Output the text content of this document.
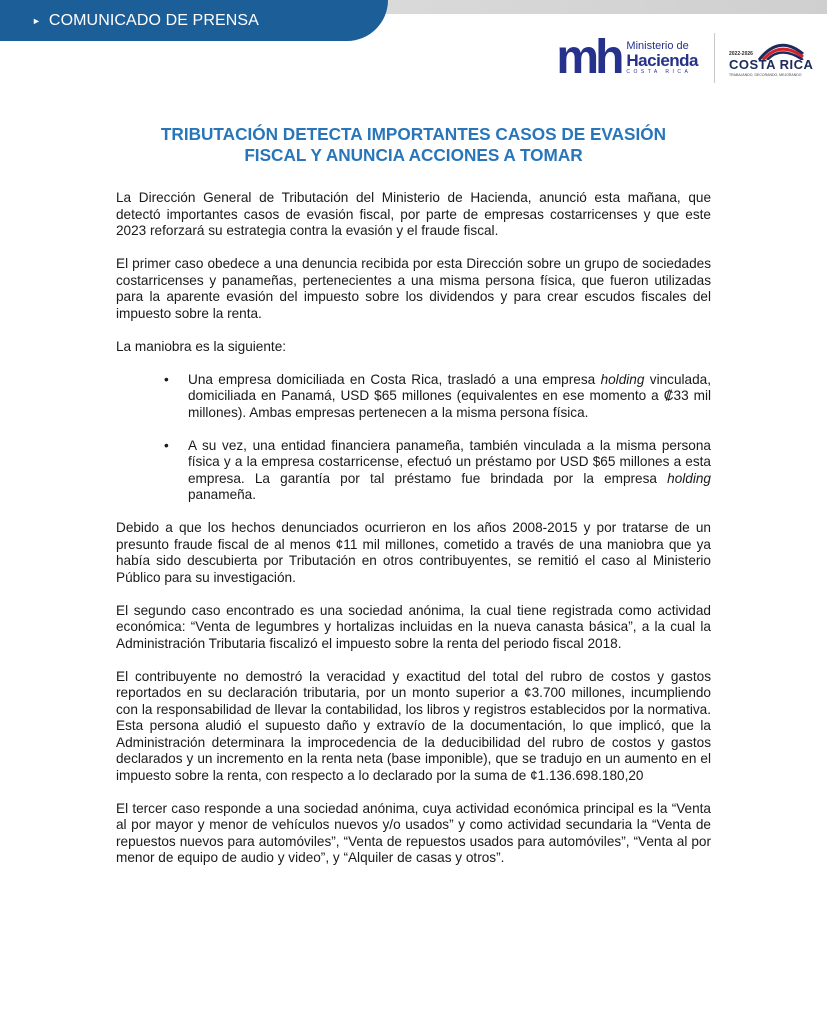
► COMUNICADO DE PRENSA
mh Ministerio de
Hacienda
COSTA RICA
2022-2026
COSTA RICA
TRABAJANDO, DECORANDO, MEJORANDO
TRIBUTACIÓN DETECTA IMPORTANTES CASOS DE EVASIÓN
FISCAL Y ANUNCIA ACCIONES A TOMAR

La Dirección General de Tributación del Ministerio de Hacienda, anunció esta mañana, que detectó importantes casos de evasión fiscal, por parte de empresas costarricenses y que este 2023 reforzará su estrategia contra la evasión y el fraude fiscal.

El primer caso obedece a una denuncia recibida por esta Dirección sobre un grupo de sociedades costarricenses y panameñas, pertenecientes a una misma persona física, que fueron utilizadas para la aparente evasión del impuesto sobre los dividendos y para crear escudos fiscales del impuesto sobre la renta.

La maniobra es la siguiente:

• Una empresa domiciliada en Costa Rica, trasladó a una empresa holding vinculada, domiciliada en Panamá, USD $65 millones (equivalentes en ese momento a ₡33 mil millones). Ambas empresas pertenecen a la misma persona física.
• A su vez, una entidad financiera panameña, también vinculada a la misma persona física y a la empresa costarricense, efectuó un préstamo por USD $65 millones a esta empresa. La garantía por tal préstamo fue brindada por la empresa holding panameña.

Debido a que los hechos denunciados ocurrieron en los años 2008-2015 y por tratarse de un presunto fraude fiscal de al menos ¢11 mil millones, cometido a través de una maniobra que ya había sido descubierta por Tributación en otros contribuyentes, se remitió el caso al Ministerio Público para su investigación.

El segundo caso encontrado es una sociedad anónima, la cual tiene registrada como actividad económica: “Venta de legumbres y hortalizas incluidas en la nueva canasta básica”, a la cual la Administración Tributaria fiscalizó el impuesto sobre la renta del periodo fiscal 2018.

El contribuyente no demostró la veracidad y exactitud del total del rubro de costos y gastos reportados en su declaración tributaria, por un monto superior a ¢3.700 millones, incumpliendo con la responsabilidad de llevar la contabilidad, los libros y registros establecidos por la normativa. Esta persona aludió el supuesto daño y extravío de la documentación, lo que implicó, que la Administración determinara la improcedencia de la deducibilidad del rubro de costos y gastos declarados y un incremento en la renta neta (base imponible), que se tradujo en un aumento en el impuesto sobre la renta, con respecto a lo declarado por la suma de ¢1.136.698.180,20

El tercer caso responde a una sociedad anónima, cuya actividad económica principal es la “Venta al por mayor y menor de vehículos nuevos y/o usados” y como actividad secundaria la “Venta de repuestos nuevos para automóviles”, “Venta de repuestos usados para automóviles”, “Venta al por menor de equipo de audio y video”, y “Alquiler de casas y otros”.
